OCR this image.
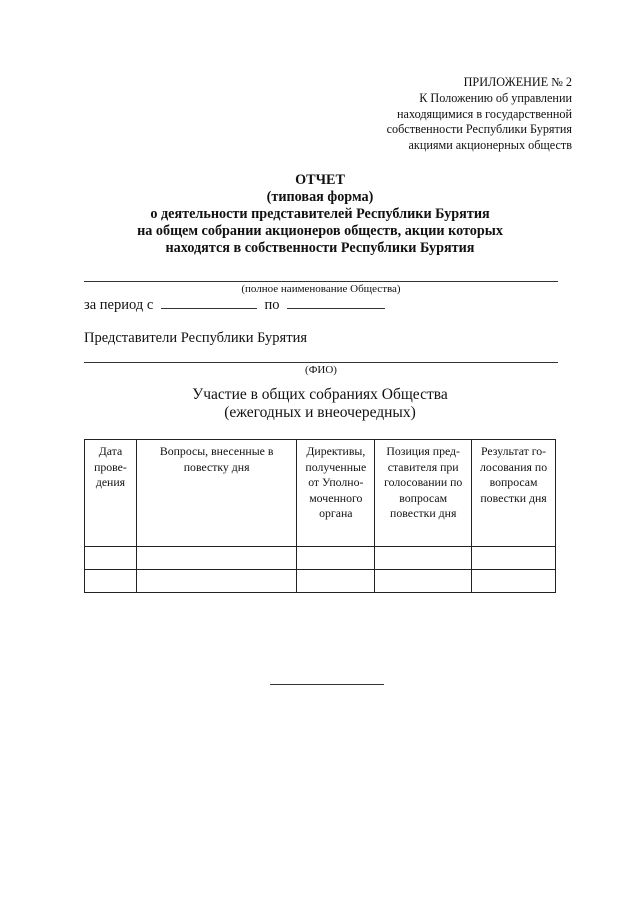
ПРИЛОЖЕНИЕ № 2
К Положению об управлении
находящимися в государственной
собственности Республики Бурятия
акциями акционерных обществ
ОТЧЕТ
(типовая форма)
о деятельности представителей Республики Бурятия
на общем собрании акционеров обществ, акции которых
находятся в собственности Республики Бурятия
(полное наименование Общества)
за период с	по
Представители Республики Бурятия
(ФИО)
Участие в общих собраниях Общества
(ежегодных и внеочередных)
Дата прове-дения	Вопросы, внесенные в повестку дня	Директивы, полученные от Уполно-моченного органа	Позиция пред-ставителя при голосовании по вопросам повестки дня	Результат го-лосования по вопросам повестки дня
